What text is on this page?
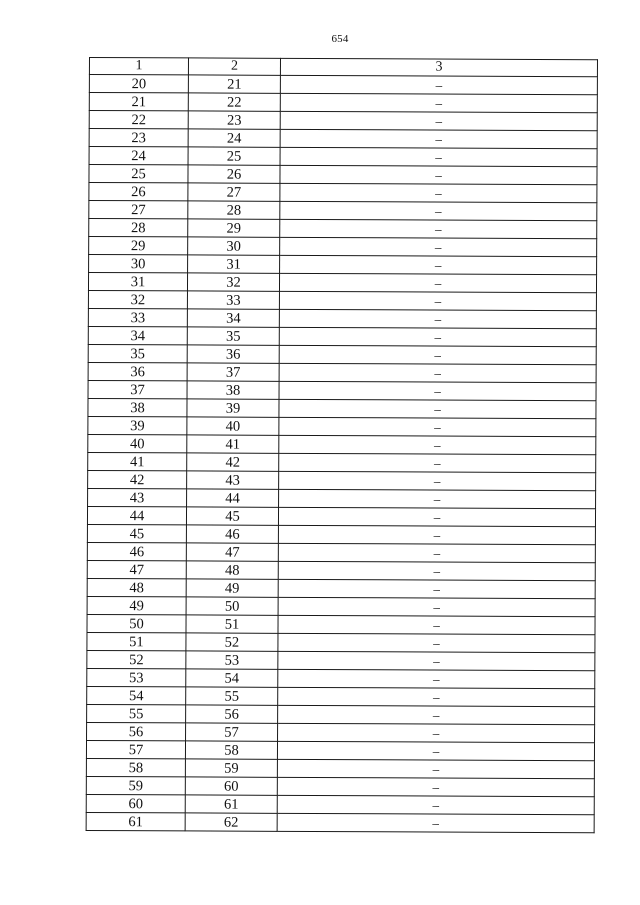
654
1	2	3
20	21	–
21	22	–
22	23	–
23	24	–
24	25	–
25	26	–
26	27	–
27	28	–
28	29	–
29	30	–
30	31	–
31	32	–
32	33	–
33	34	–
34	35	–
35	36	–
36	37	–
37	38	–
38	39	–
39	40	–
40	41	–
41	42	–
42	43	–
43	44	–
44	45	–
45	46	–
46	47	–
47	48	–
48	49	–
49	50	–
50	51	–
51	52	–
52	53	–
53	54	–
54	55	–
55	56	–
56	57	–
57	58	–
58	59	–
59	60	–
60	61	–
61	62	–
